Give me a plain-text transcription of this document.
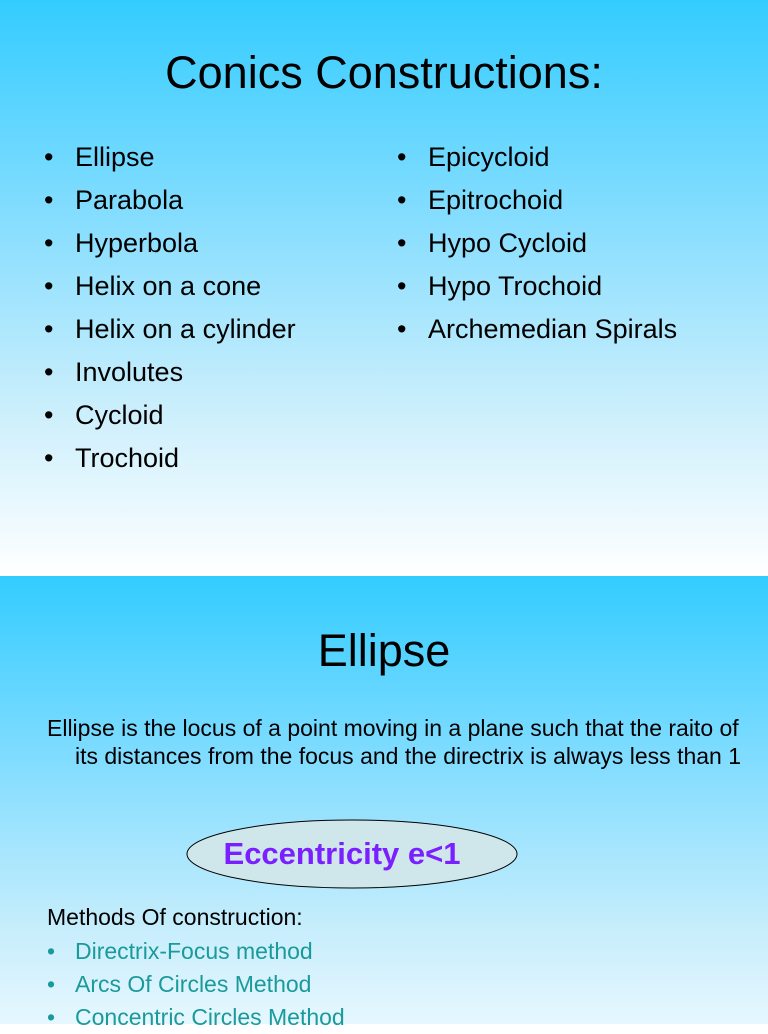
Conics Constructions:
• Ellipse
• Parabola
• Hyperbola
• Helix on a cone
• Helix on a cylinder
• Involutes
• Cycloid
• Trochoid
• Epicycloid
• Epitrochoid
• Hypo Cycloid
• Hypo Trochoid
• Archemedian Spirals
Ellipse
Ellipse is the locus of a point moving in a plane such that the raito of its distances from the focus and the directrix is always less than 1
Eccentricity e<1
Methods Of construction:
• Directrix-Focus method
• Arcs Of Circles Method
• Concentric Circles Method
